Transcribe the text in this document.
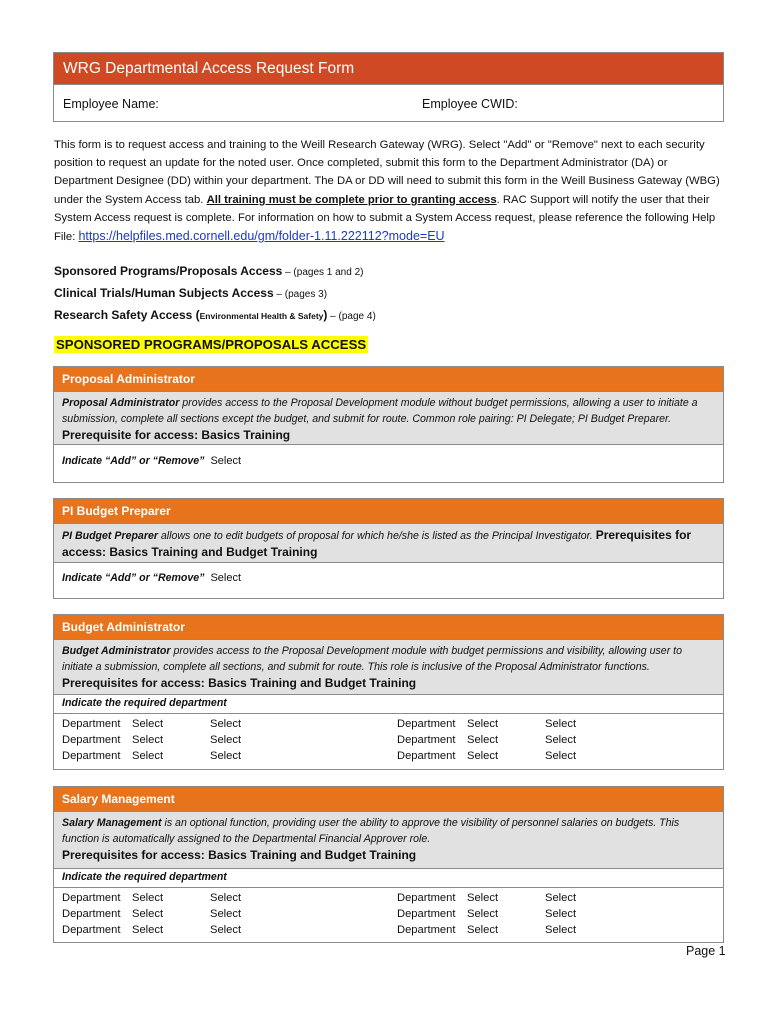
WRG Departmental Access Request Form
Employee Name:	Employee CWID:
This form is to request access and training to the Weill Research Gateway (WRG). Select "Add" or "Remove" next to each security position to request an update for the noted user. Once completed, submit this form to the Department Administrator (DA) or Department Designee (DD) within your department. The DA or DD will need to submit this form in the Weill Business Gateway (WBG) under the System Access tab. All training must be complete prior to granting access. RAC Support will notify the user that their System Access request is complete. For information on how to submit a System Access request, please reference the following Help File: https://helpfiles.med.cornell.edu/gm/folder-1.11.222112?mode=EU
Sponsored Programs/Proposals Access – (pages 1 and 2)
Clinical Trials/Human Subjects Access – (pages 3)
Research Safety Access (Environmental Health & Safety) – (page 4)
SPONSORED PROGRAMS/PROPOSALS ACCESS
Proposal Administrator
Proposal Administrator provides access to the Proposal Development module without budget permissions, allowing a user to initiate a submission, complete all sections except the budget, and submit for route. Common role pairing: PI Delegate; PI Budget Preparer. Prerequisite for access: Basics Training
Indicate “Add” or “Remove” Select
PI Budget Preparer
PI Budget Preparer allows one to edit budgets of proposal for which he/she is listed as the Principal Investigator. Prerequisites for access: Basics Training and Budget Training
Indicate “Add” or “Remove” Select
Budget Administrator
Budget Administrator provides access to the Proposal Development module with budget permissions and visibility, allowing user to initiate a submission, complete all sections, and submit for route. This role is inclusive of the Proposal Administrator functions.
Prerequisites for access: Basics Training and Budget Training
Indicate the required department
Department Select	Select	Department Select	Select
Department Select	Select	Department Select	Select
Department Select	Select	Department Select	Select
Salary Management
Salary Management is an optional function, providing user the ability to approve the visibility of personnel salaries on budgets. This function is automatically assigned to the Departmental Financial Approver role.
Prerequisites for access: Basics Training and Budget Training
Indicate the required department
Department Select	Select	Department Select	Select
Department Select	Select	Department Select	Select
Department Select	Select	Department Select	Select
Page 1
